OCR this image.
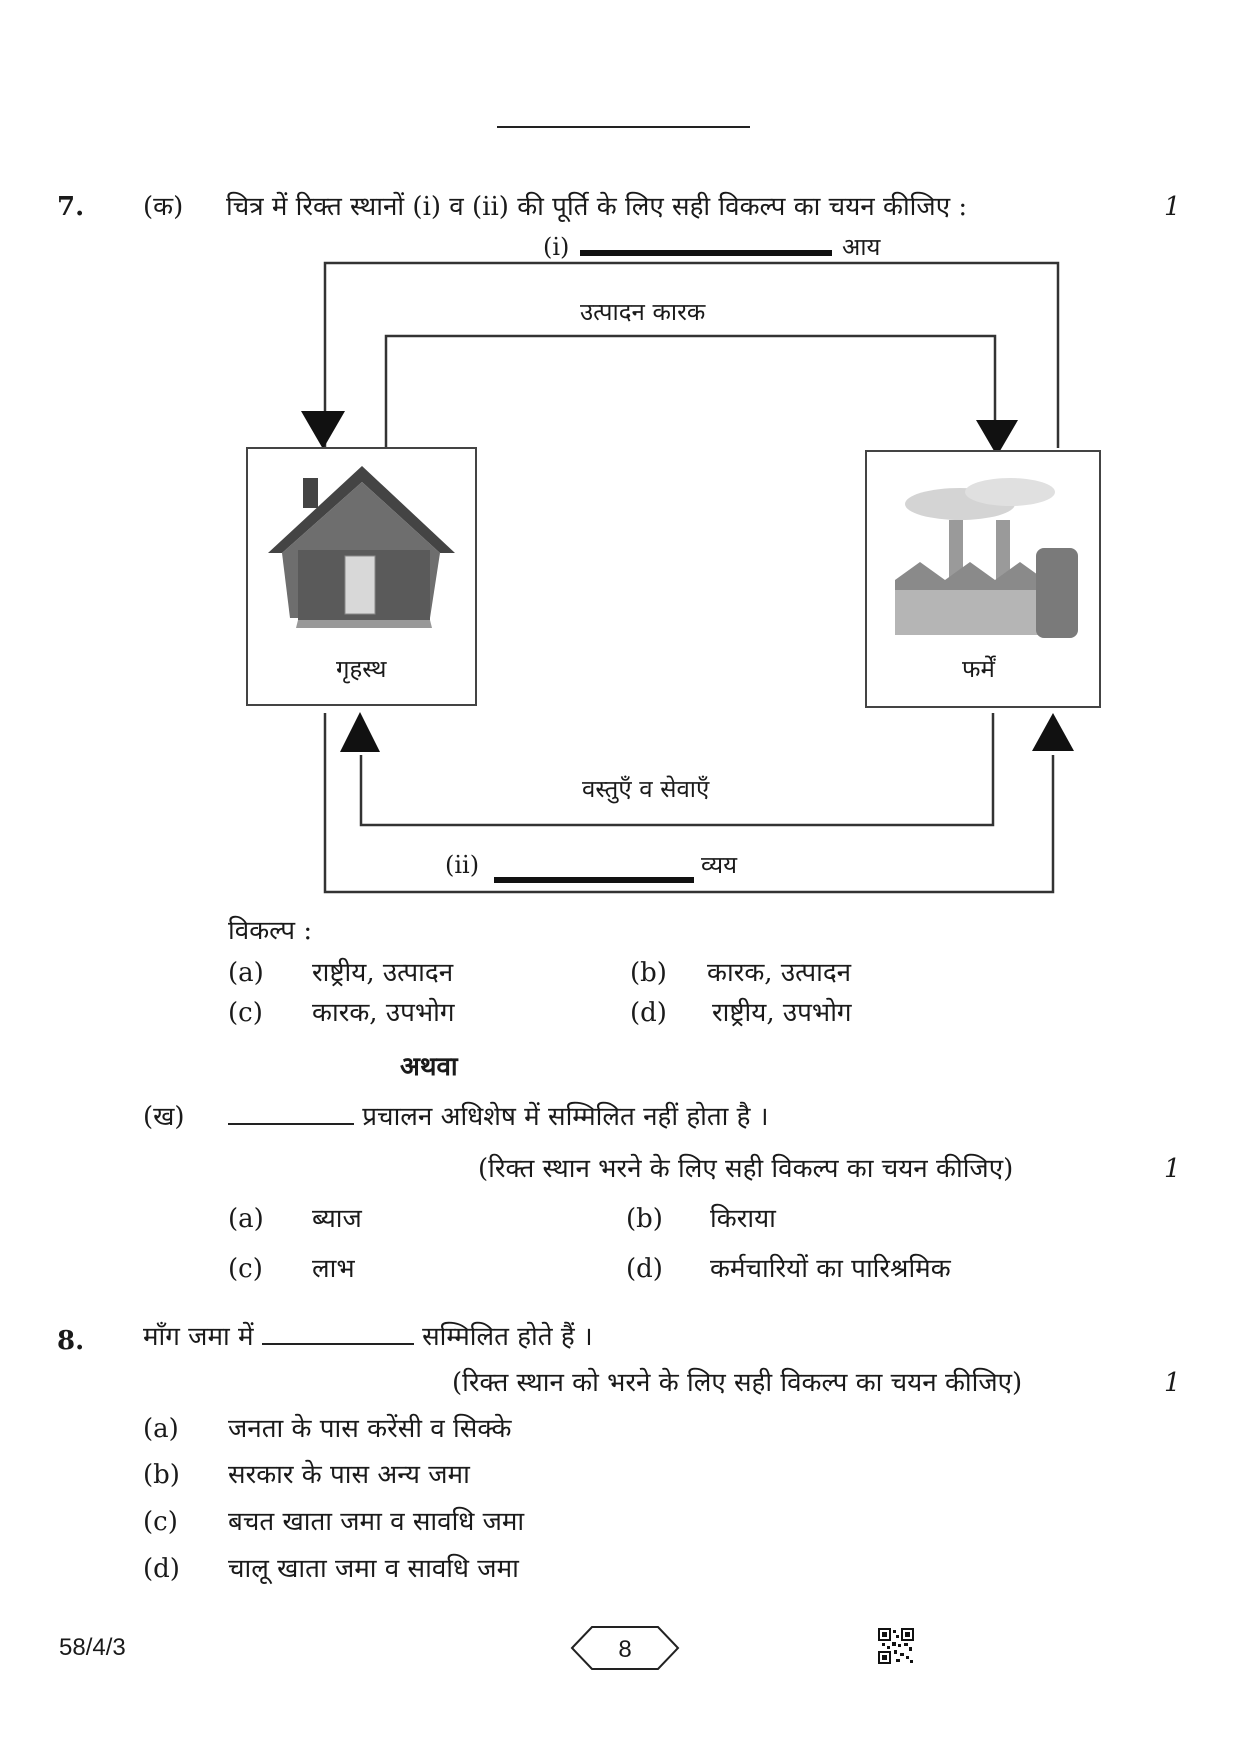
7. (क) चित्र में रिक्त स्थानों (i) व (ii) की पूर्ति के लिए सही विकल्प का चयन कीजिए :	1
(i)	आय
उत्पादन कारक
गृहस्थ	फर्में
वस्तुएँ व सेवाएँ
(ii)	व्यय
विकल्प :
(a) राष्ट्रीय, उत्पादन	(b) कारक, उत्पादन
(c) कारक, उपभोग	(d) राष्ट्रीय, उपभोग
अथवा
(ख)	प्रचालन अधिशेष में सम्मिलित नहीं होता है ।
(रिक्त स्थान भरने के लिए सही विकल्प का चयन कीजिए)	1
(a) ब्याज	(b) किराया
(c) लाभ	(d) कर्मचारियों का पारिश्रमिक
8. माँग जमा में	सम्मिलित होते हैं ।
(रिक्त स्थान को भरने के लिए सही विकल्प का चयन कीजिए)	1
(a) जनता के पास करेंसी व सिक्के
(b) सरकार के पास अन्य जमा
(c) बचत खाता जमा व सावधि जमा
(d) चालू खाता जमा व सावधि जमा
58/4/3	8
